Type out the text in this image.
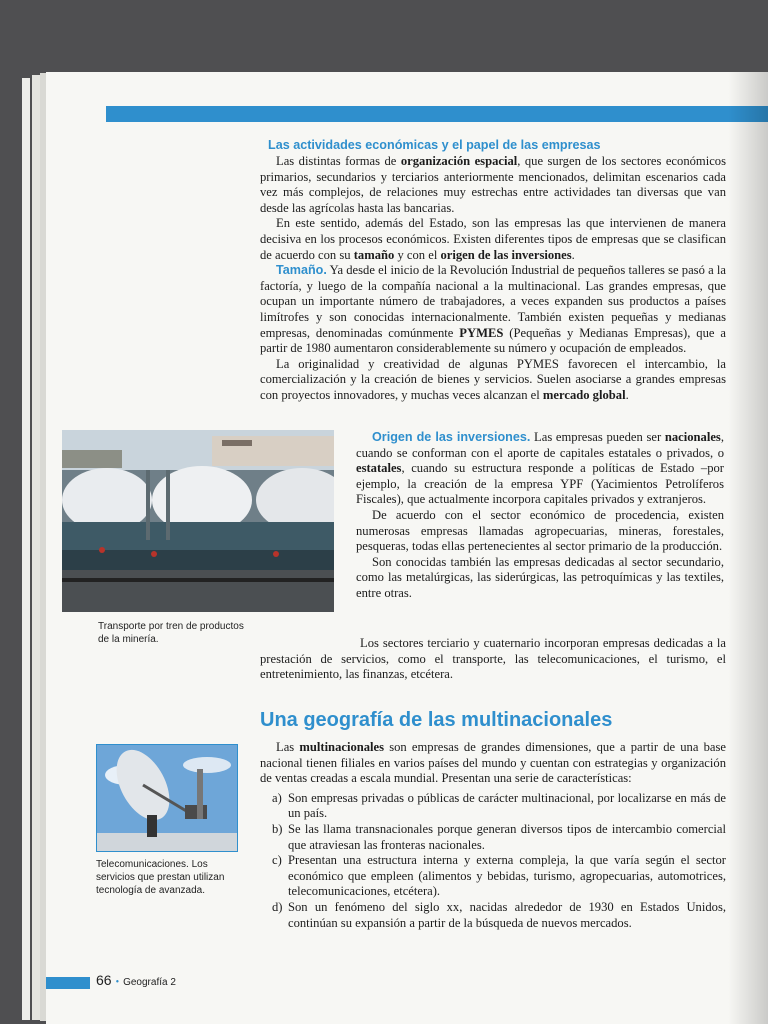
Las actividades económicas y el papel de las empresas

Las distintas formas de organización espacial, que surgen de los sectores económicos primarios, secundarios y terciarios anteriormente mencionados, delimitan escenarios cada vez más complejos, de relaciones muy estrechas entre actividades tan diversas que van desde las agrícolas hasta las bancarias.

En este sentido, además del Estado, son las empresas las que intervienen de manera decisiva en los procesos económicos. Existen diferentes tipos de empresas que se clasifican de acuerdo con su tamaño y con el origen de las inversiones.

Tamaño. Ya desde el inicio de la Revolución Industrial de pequeños talleres se pasó a la factoría, y luego de la compañía nacional a la multinacional. Las grandes empresas, que ocupan un importante número de trabajadores, a veces expanden sus productos a países limítrofes y son conocidas internacionalmente. También existen pequeñas y medianas empresas, denominadas comúnmente PYMES (Pequeñas y Medianas Empresas), que a partir de 1980 aumentaron considerablemente su número y ocupación de empleados.

La originalidad y creatividad de algunas PYMES favorecen el intercambio, la comercialización y la creación de bienes y servicios. Suelen asociarse a grandes empresas con proyectos innovadores, y muchas veces alcanzan el mercado global.

Transporte por tren de productos de la minería.

Origen de las inversiones. Las empresas pueden ser nacionales, cuando se conforman con el aporte de capitales estatales o privados, o estatales, cuando su estructura responde a políticas de Estado –por ejemplo, la creación de la empresa YPF (Yacimientos Petrolíferos Fiscales), que actualmente incorpora capitales privados y extranjeros.

De acuerdo con el sector económico de procedencia, existen numerosas empresas llamadas agropecuarias, mineras, forestales, pesqueras, todas ellas pertenecientes al sector primario de la producción.

Son conocidas también las empresas dedicadas al sector secundario, como las metalúrgicas, las siderúrgicas, las petroquímicas y las textiles, entre otras.

Los sectores terciario y cuaternario incorporan empresas dedicadas a la prestación de servicios, como el transporte, las telecomunicaciones, el turismo, el entretenimiento, las finanzas, etcétera.

Una geografía de las multinacionales
Telecomunicaciones. Los servicios que prestan utilizan tecnología de avanzada.

Las multinacionales son empresas de grandes dimensiones, que a partir de una base nacional tienen filiales en varios países del mundo y cuentan con estrategias y organización de ventas creadas a escala mundial. Presentan una serie de características:

a) Son empresas privadas o públicas de carácter multinacional, por localizarse en más de un país.
b) Se las llama transnacionales porque generan diversos tipos de intercambio comercial que atraviesan las fronteras nacionales.
c) Presentan una estructura interna y externa compleja, la que varía según el sector económico que empleen (alimentos y bebidas, turismo, agropecuarias, automotrices, telecomunicaciones, etcétera).
d) Son un fenómeno del siglo xx, nacidas alrededor de 1930 en Estados Unidos, continúan su expansión a partir de la búsqueda de nuevos mercados.
66 • Geografía 2
